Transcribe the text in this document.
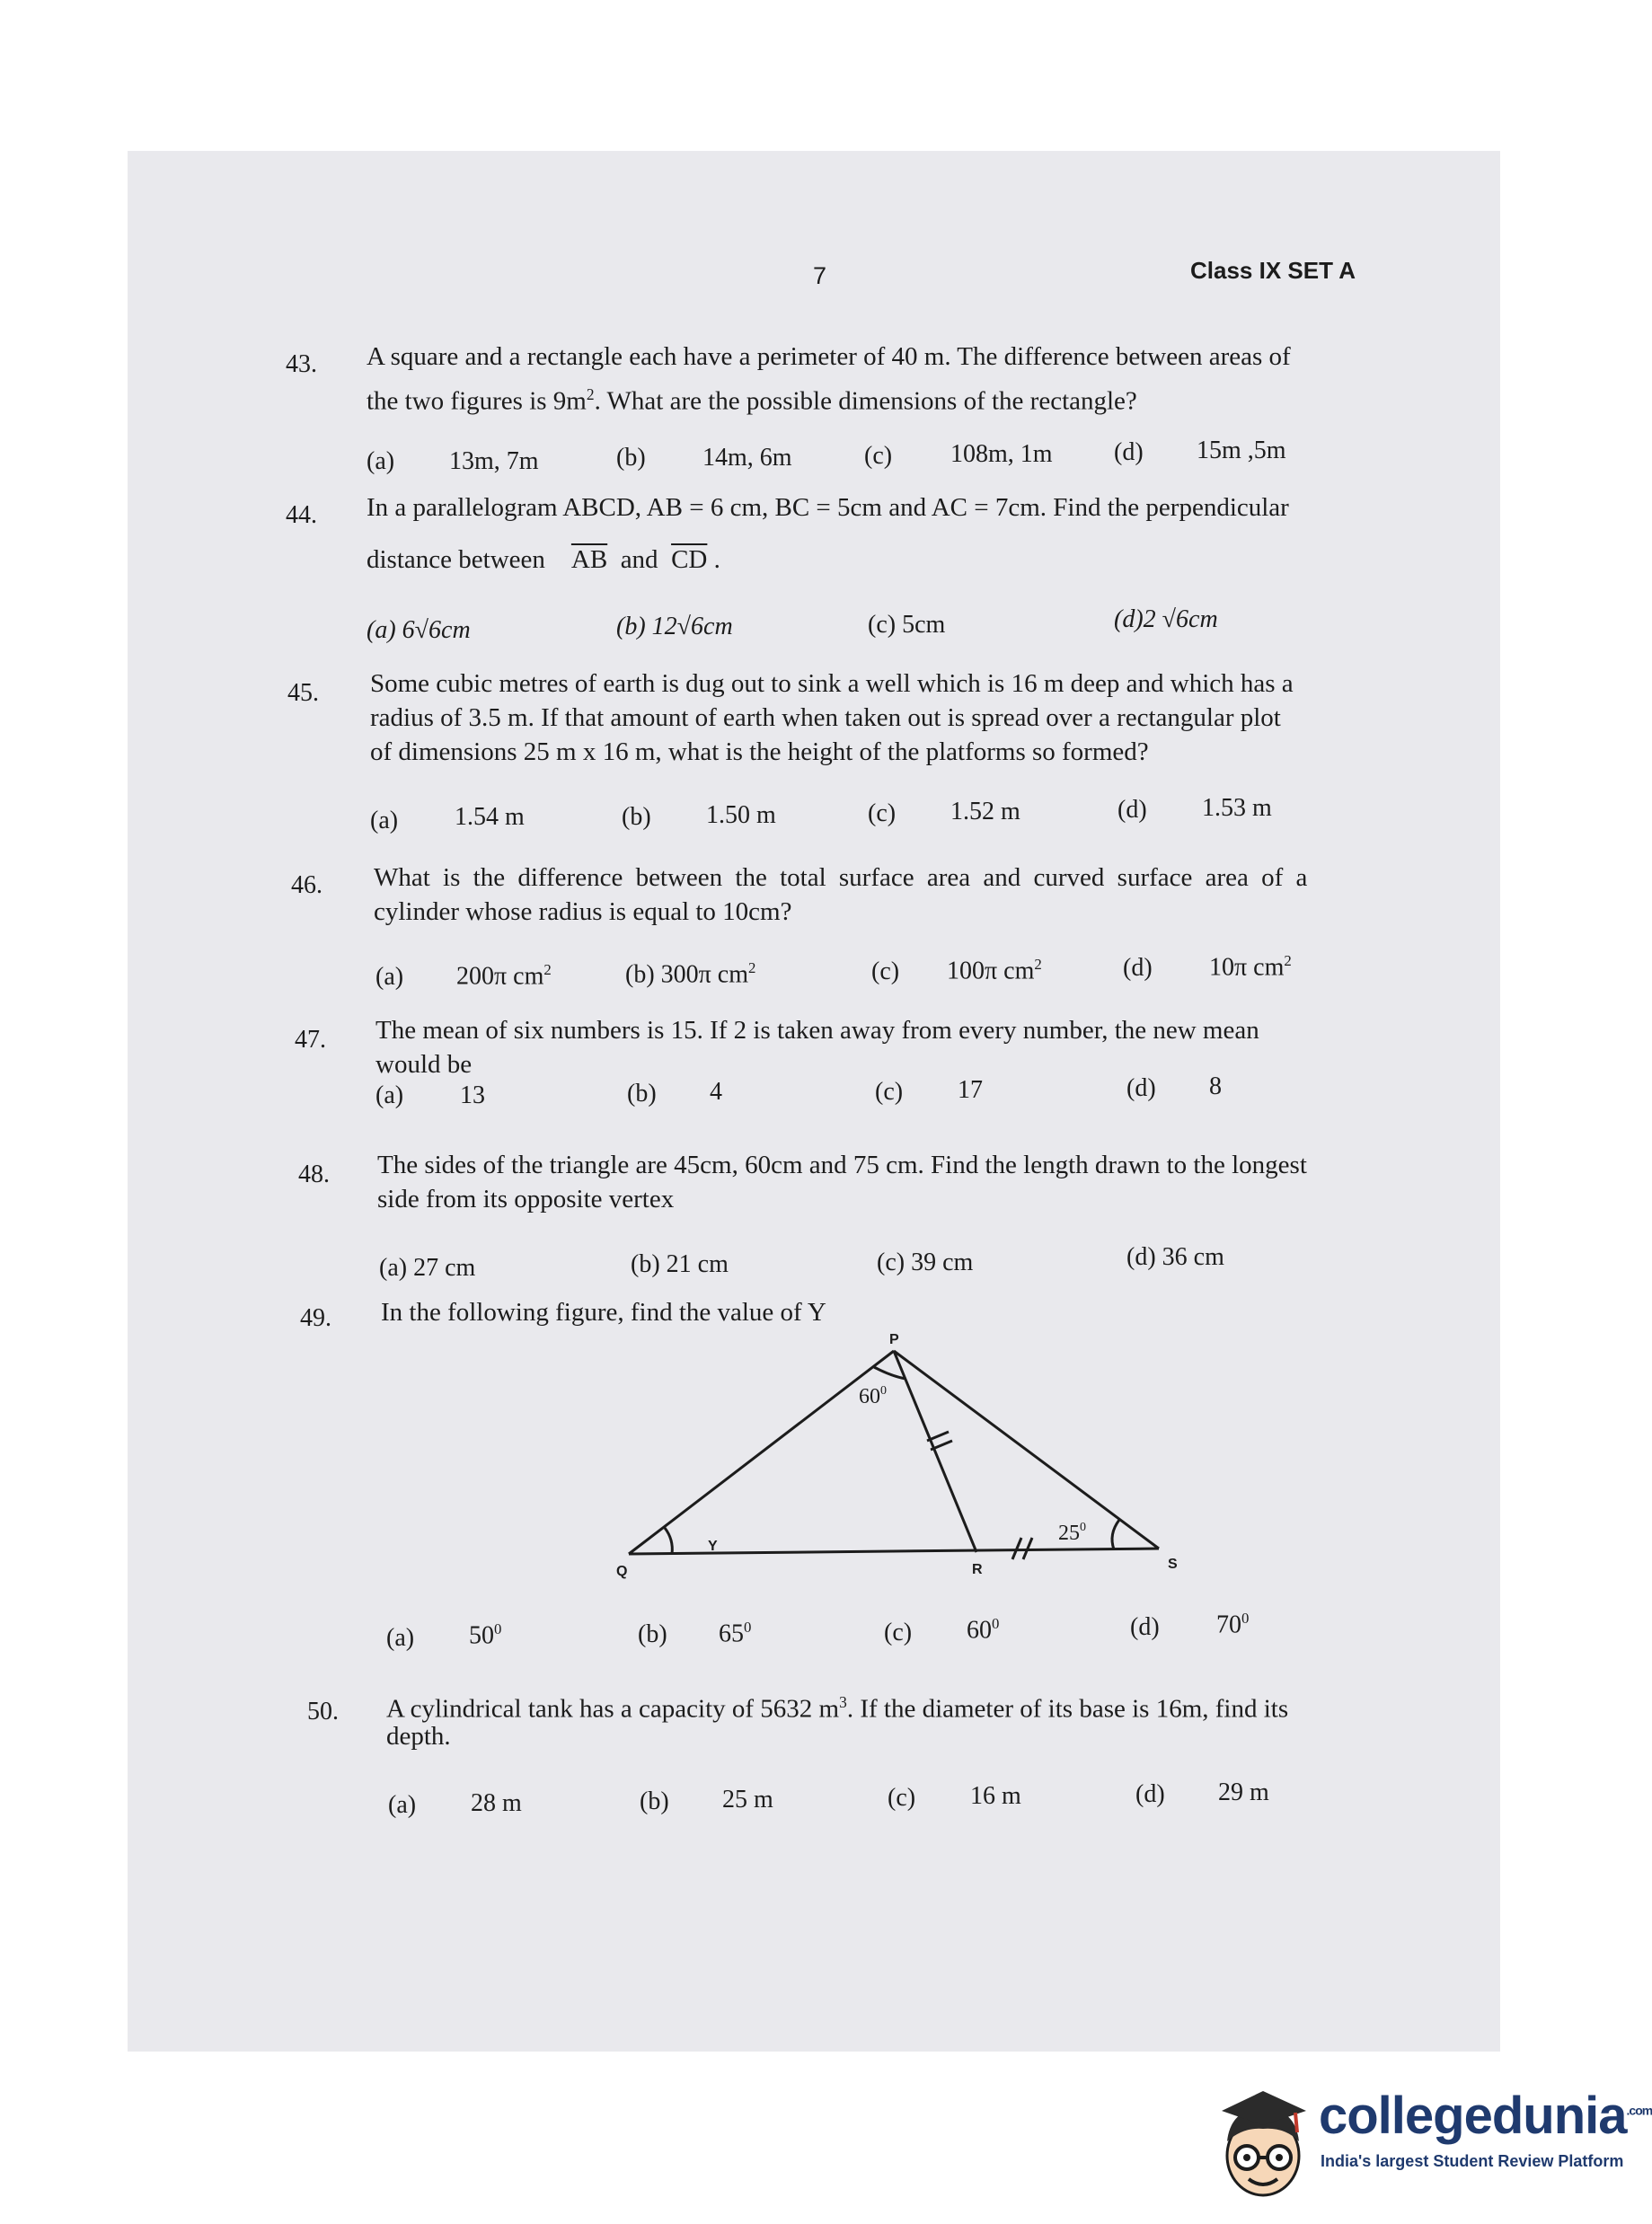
7	Class IX SET A
43. A square and a rectangle each have a perimeter of 40 m. The difference between areas of
the two figures is $9m^2$. What are the possible dimensions of the rectangle?
(a) 13m, 7m	(b) 14m, 6m	(c) 108m, 1m (d) 15m ,5m
44. In a parallelogram ABCD, AB = 6 cm, BC = 5cm and AC = 7cm. Find the perpendicular
distance between $\overline{AB}$ and $\overline{CD}$ .
(a) 6√6cm	(b) 12√6cm	(c) 5cm	(d)2 √6cm
45. Some cubic metres of earth is dug out to sink a well which is 16 m deep and which has a
radius of 3.5 m. If that amount of earth when taken out is spread over a rectangular plot
of dimensions 25 m x 16 m, what is the height of the platforms so formed?
(a) 1.54 m	(b) 1.50 m	(c) 1.52 m	(d) 1.53 m
46. What is the difference between the total surface area and curved surface area of a
cylinder whose radius is equal to 10cm?
(a) 200π $cm^2$	(b) 300π $cm^2$	(c) 100π $cm^2$	(d) 10π $cm^2$
47. The mean of six numbers is 15. If 2 is taken away from every number, the new mean
would be
(a) 13	(b) 4	(c) 17	(d) 8
48. The sides of the triangle are 45cm, 60cm and 75 cm. Find the length drawn to the longest
side from its opposite vertex
(a) 27 cm	(b) 21 cm	(c) 39 cm	(d) 36 cm
49. In the following figure, find the value of Y
P
Q	R	S
Y
$60^0$
$25^0$
(a) $50^0$	(b) $65^0$	(c) $60^0$	(d) $70^0$
50. A cylindrical tank has a capacity of 5632 $m^3$. If the diameter of its base is 16m, find its
depth.
(a) 28 m	(b) 25 m	(c) 16 m	(d) 29 m
collegedunia$^{.com}$
India's largest Student Review Platform
